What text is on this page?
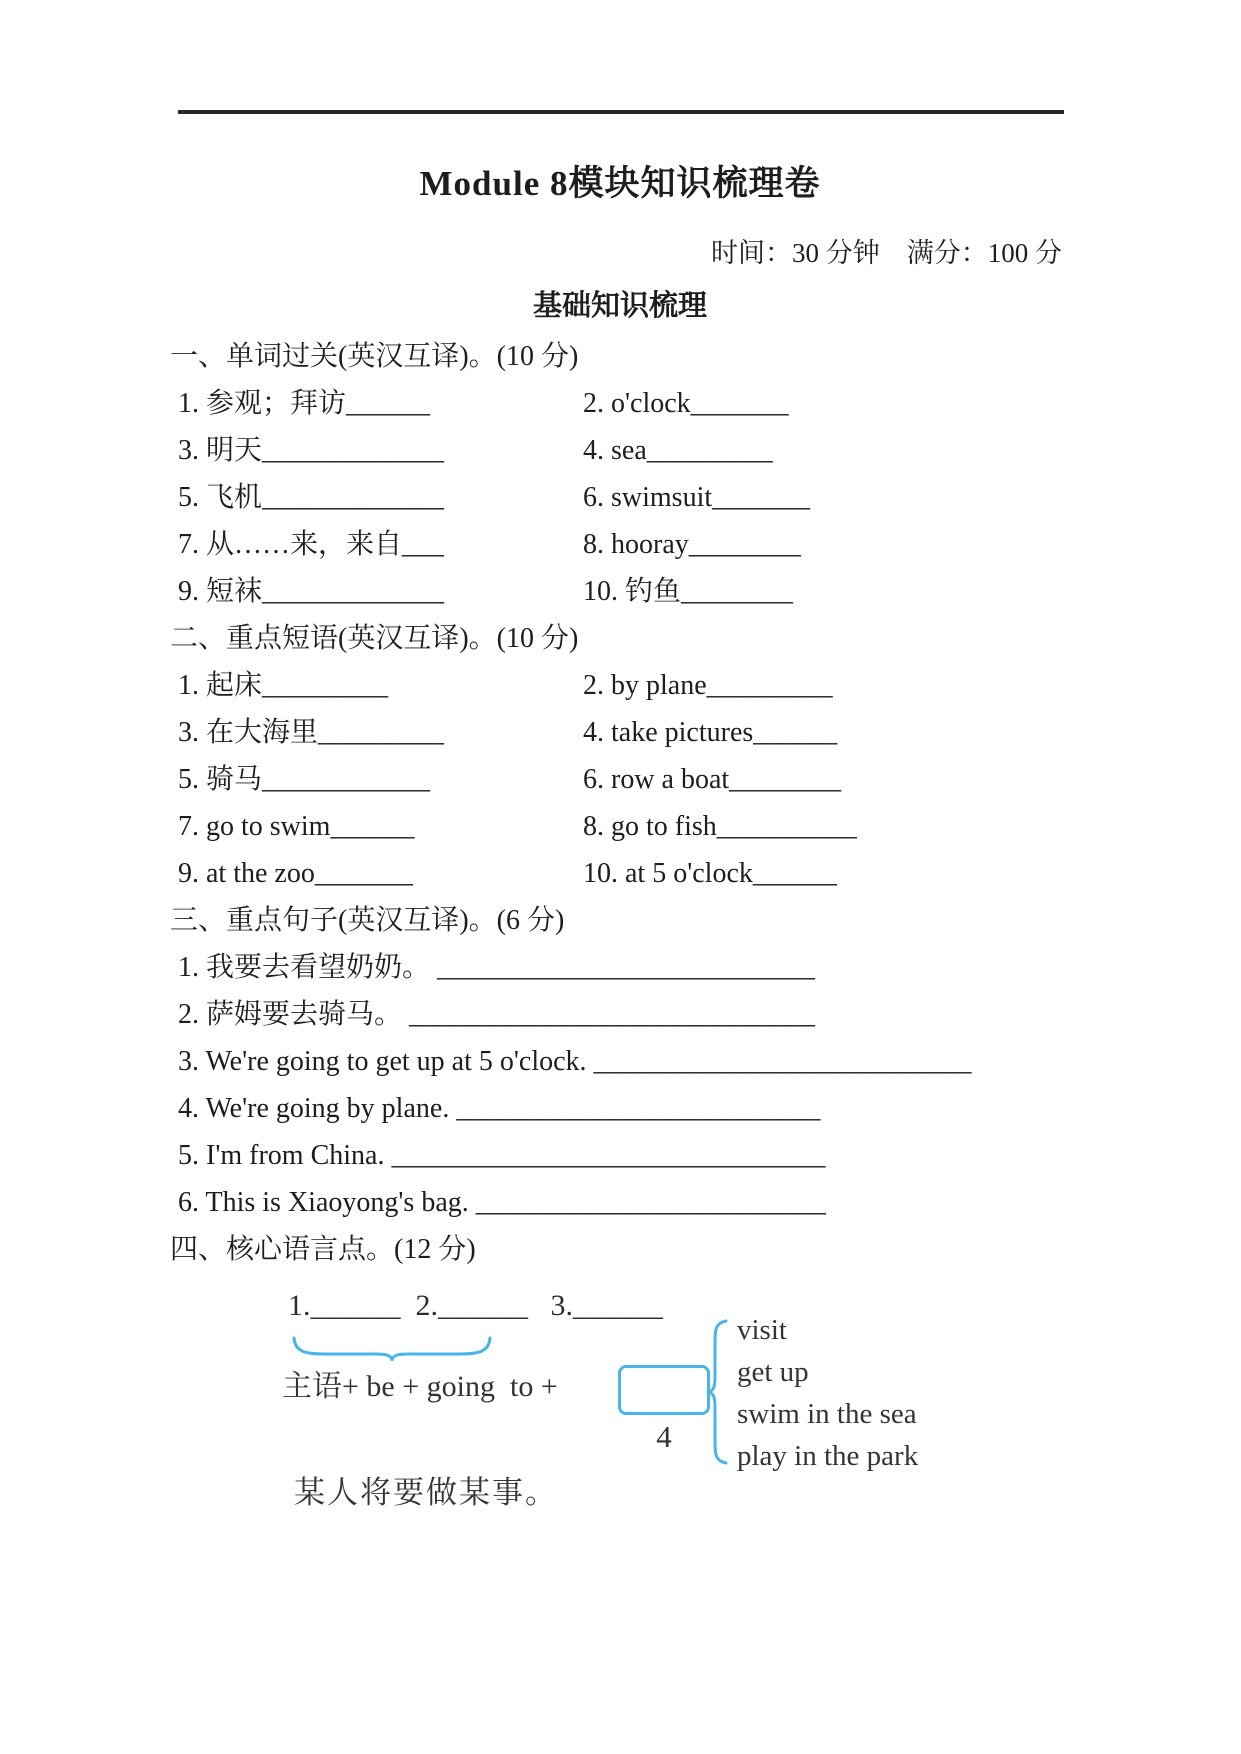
Module 8模块知识梳理卷
时间：30 分钟　满分：100 分
基础知识梳理
一、单词过关(英汉互译)。(10 分)
1. 参观；拜访______	2. o'clock_______
3. 明天_____________	4. sea_________
5. 飞机_____________	6. swimsuit_______
7. 从……来，来自___	8. hooray________
9. 短袜_____________	10. 钓鱼________
二、重点短语(英汉互译)。(10 分)
1. 起床_________	2. by plane_________
3. 在大海里_________	4. take pictures______
5. 骑马____________	6. row a boat________
7. go to swim______	8. go to fish__________
9. at the zoo_______	10. at 5 o'clock______
三、重点句子(英汉互译)。(6 分)
1. 我要去看望奶奶。 ___________________________
2. 萨姆要去骑马。 _____________________________
3. We're going to get up at 5 o'clock. ___________________________
4. We're going by plane. __________________________
5. I'm from China. _______________________________
6. This is Xiaoyong's bag. _________________________
四、核心语言点。(12 分)
1.______  2.______   3.______
主语+ be + going  to +
4
visit
get up
swim in the sea
play in the park
某人将要做某事。
